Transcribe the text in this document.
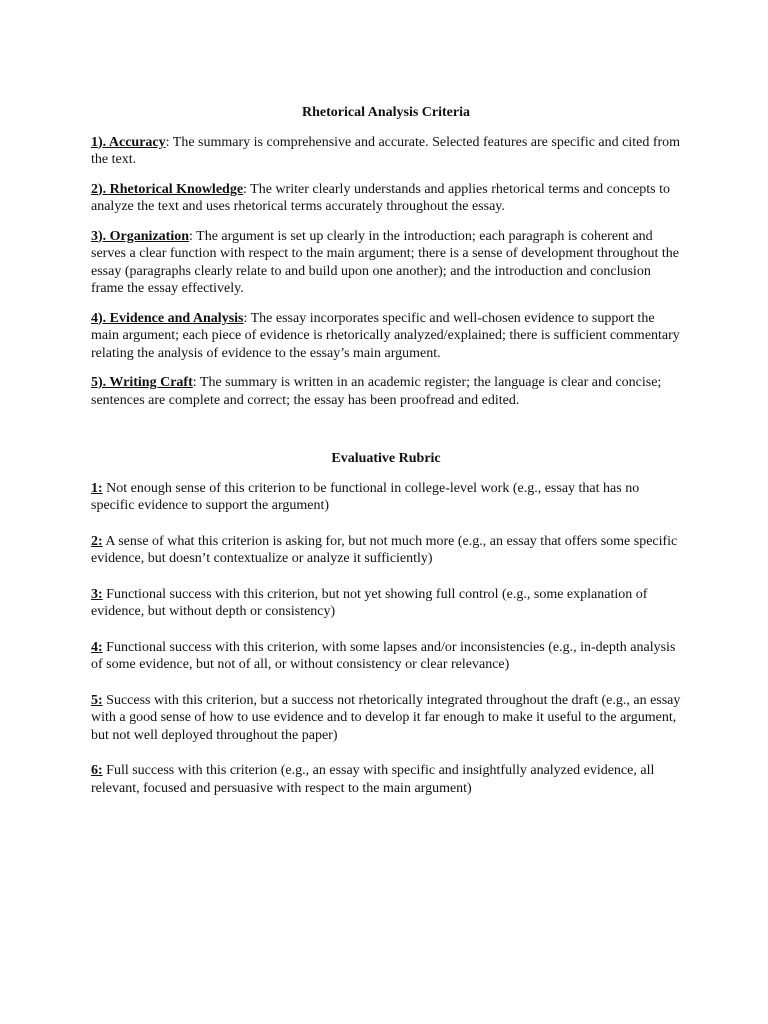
Rhetorical Analysis Criteria

1). Accuracy: The summary is comprehensive and accurate. Selected features are specific and cited from the text.

2). Rhetorical Knowledge: The writer clearly understands and applies rhetorical terms and concepts to analyze the text and uses rhetorical terms accurately throughout the essay.

3). Organization: The argument is set up clearly in the introduction; each paragraph is coherent and serves a clear function with respect to the main argument; there is a sense of development throughout the essay (paragraphs clearly relate to and build upon one another); and the introduction and conclusion frame the essay effectively.

4). Evidence and Analysis: The essay incorporates specific and well-chosen evidence to support the main argument; each piece of evidence is rhetorically analyzed/explained; there is sufficient commentary relating the analysis of evidence to the essay’s main argument.

5). Writing Craft: The summary is written in an academic register; the language is clear and concise; sentences are complete and correct; the essay has been proofread and edited.

Evaluative Rubric

1: Not enough sense of this criterion to be functional in college-level work (e.g., essay that has no specific evidence to support the argument)

2: A sense of what this criterion is asking for, but not much more (e.g., an essay that offers some specific evidence, but doesn’t contextualize or analyze it sufficiently)

3: Functional success with this criterion, but not yet showing full control (e.g., some explanation of evidence, but without depth or consistency)

4: Functional success with this criterion, with some lapses and/or inconsistencies (e.g., in-depth analysis of some evidence, but not of all, or without consistency or clear relevance)

5: Success with this criterion, but a success not rhetorically integrated throughout the draft (e.g., an essay with a good sense of how to use evidence and to develop it far enough to make it useful to the argument, but not well deployed throughout the paper)

6: Full success with this criterion (e.g., an essay with specific and insightfully analyzed evidence, all relevant, focused and persuasive with respect to the main argument)
